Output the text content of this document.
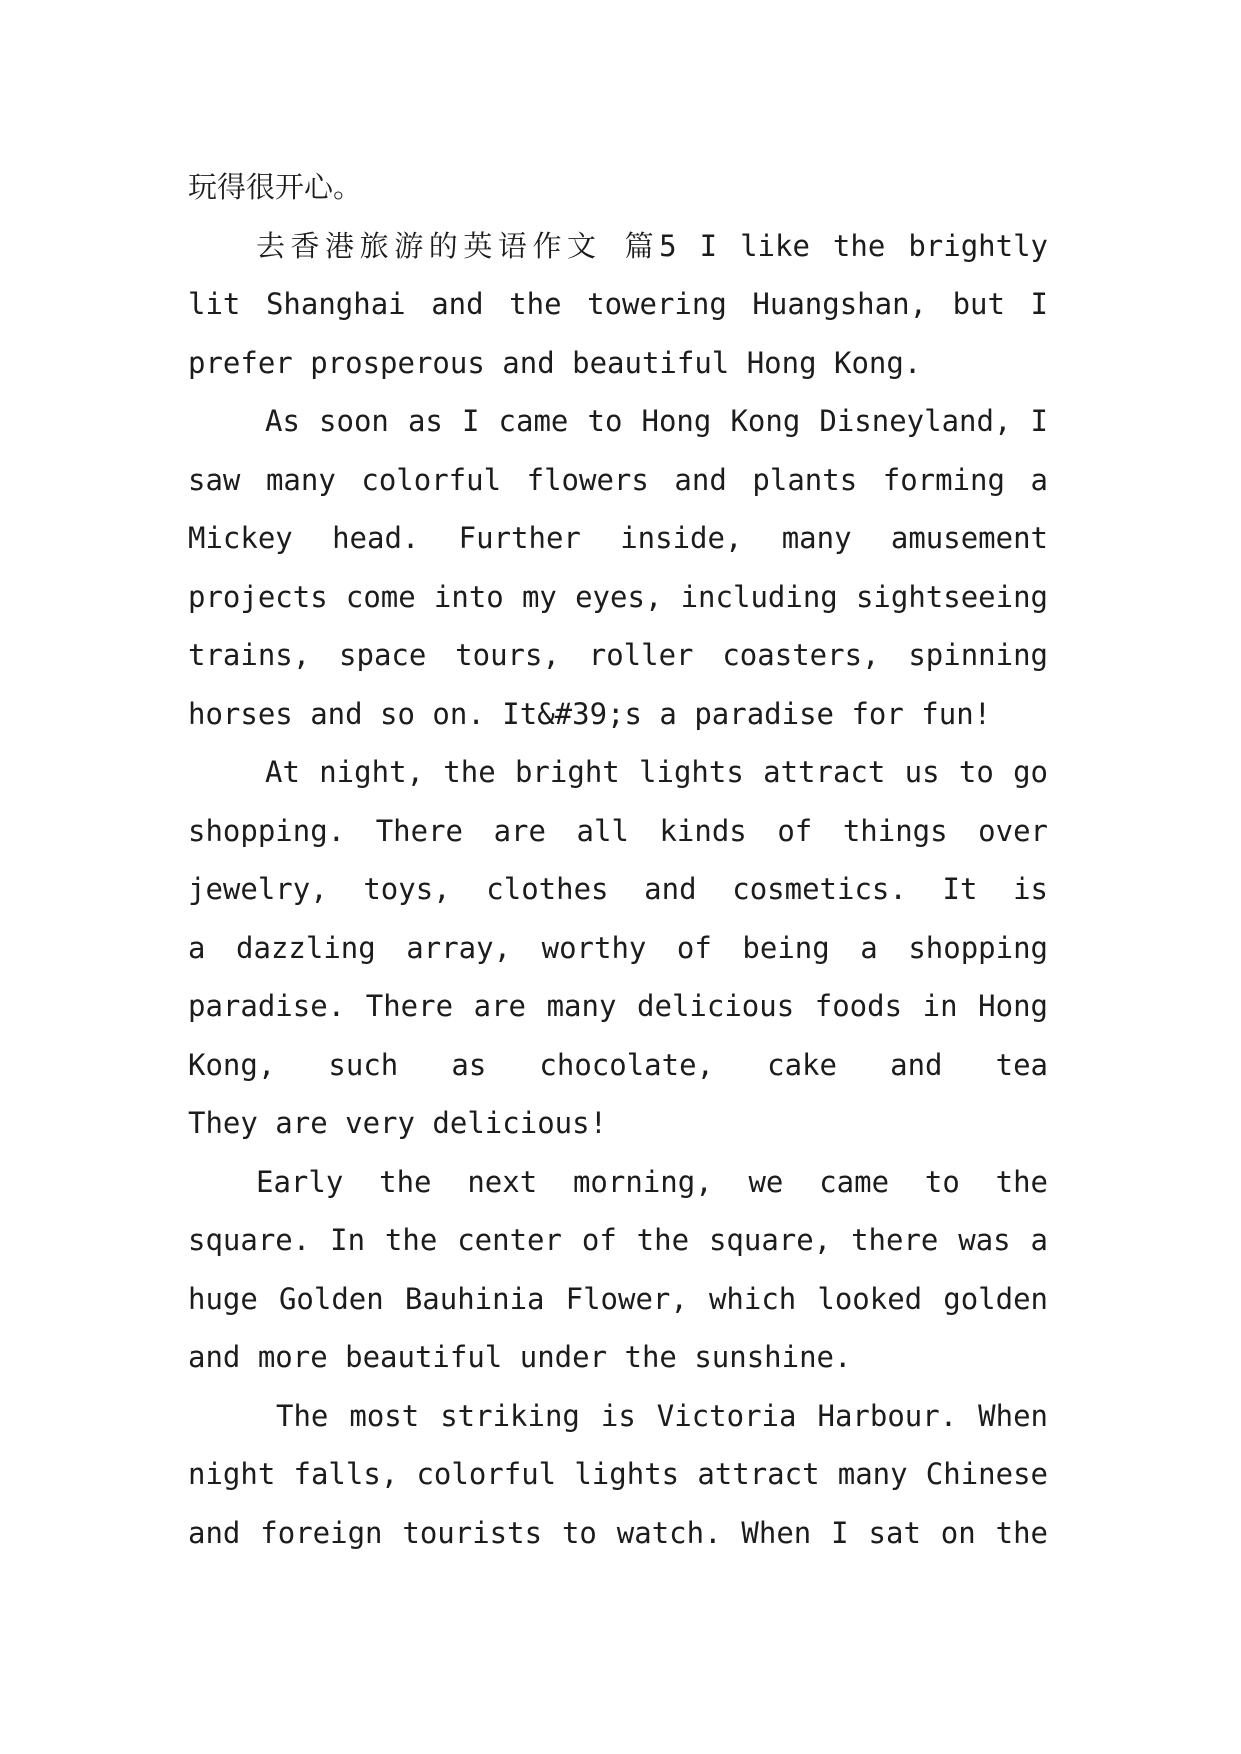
玩得很开心。
去香港旅游的英语作文 篇5 I like the brightly
lit Shanghai and the towering Huangshan, but I
prefer prosperous and beautiful Hong Kong.
As soon as I came to Hong Kong Disneyland, I
saw many colorful flowers and plants forming a
Mickey head. Further inside, many amusement
projects come into my eyes, including sightseeing
trains, space tours, roller coasters, spinning
horses and so on. It&#39;s a paradise for fun!
At night, the bright lights attract us to go
shopping. There are all kinds of things over
jewelry, toys, clothes and cosmetics. It is
a dazzling array, worthy of being a shopping
paradise. There are many delicious foods in Hong
Kong, such as chocolate, cake and tea
They are very delicious!
Early the next morning, we came to the
square. In the center of the square, there was a
huge Golden Bauhinia Flower, which looked golden
and more beautiful under the sunshine.
The most striking is Victoria Harbour. When
night falls, colorful lights attract many Chinese
and foreign tourists to watch. When I sat on the
